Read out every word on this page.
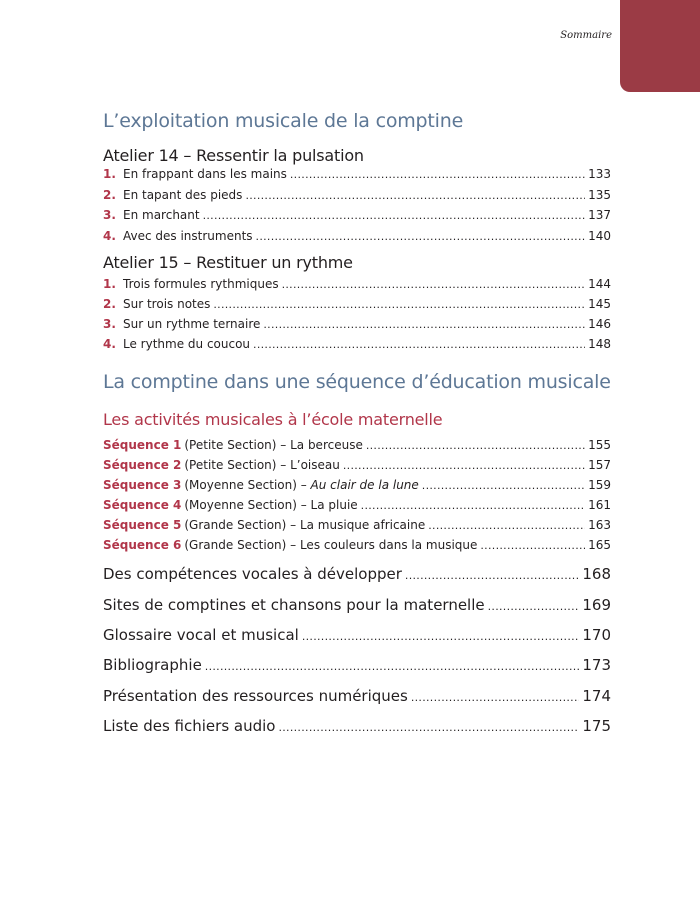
Sommaire
L’exploitation musicale de la comptine
Atelier 14 – Ressentir la pulsation
1. En frappant dans les mains . . .	133
2. En tapant des pieds . . .	135
3. En marchant . . .	137
4. Avec des instruments . . .	140
Atelier 15 – Restituer un rythme
1. Trois formules rythmiques . . .	144
2. Sur trois notes . . .	145
3. Sur un rythme ternaire . . .	146
4. Le rythme du coucou . . .	148
La comptine dans une séquence d’éducation musicale
Les activités musicales à l’école maternelle
Séquence 1 (Petite Section) – La berceuse . . .	155
Séquence 2 (Petite Section) – L’oiseau . . .	157
Séquence 3 (Moyenne Section) – Au clair de la lune . . .	159
Séquence 4 (Moyenne Section) – La pluie . . .	161
Séquence 5 (Grande Section) – La musique africaine . . .	163
Séquence 6 (Grande Section) – Les couleurs dans la musique . . .	165
Des compétences vocales à développer . . .	168
Sites de comptines et chansons pour la maternelle . . .	169
Glossaire vocal et musical . . .	170
Bibliographie . . .	173
Présentation des ressources numériques . . .	174
Liste des fichiers audio . . .	175
